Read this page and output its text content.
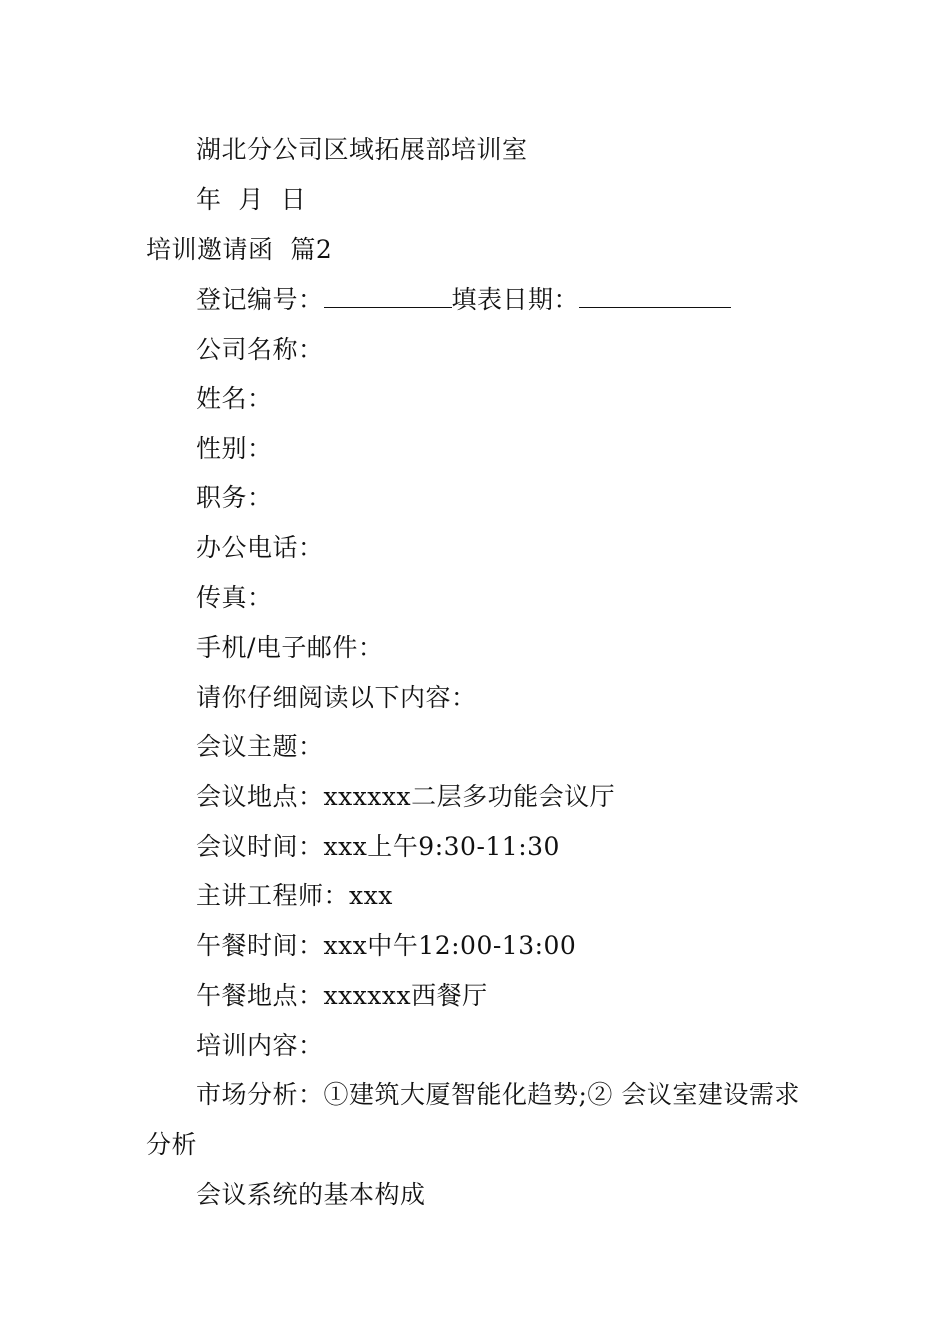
湖北分公司区域拓展部培训室
年  月  日
培训邀请函  篇2
登记编号：	填表日期：
公司名称：
姓名：
性别：
职务：
办公电话：
传真：
手机/电子邮件：
请你仔细阅读以下内容：
会议主题：
会议地点：xxxxxx二层多功能会议厅
会议时间：xxx上午9:30-11:30
主讲工程师：xxx
午餐时间：xxx中午12:00-13:00
午餐地点：xxxxxx西餐厅
培训内容：
市场分析：①建筑大厦智能化趋势;② 会议室建设需求
分析
会议系统的基本构成
